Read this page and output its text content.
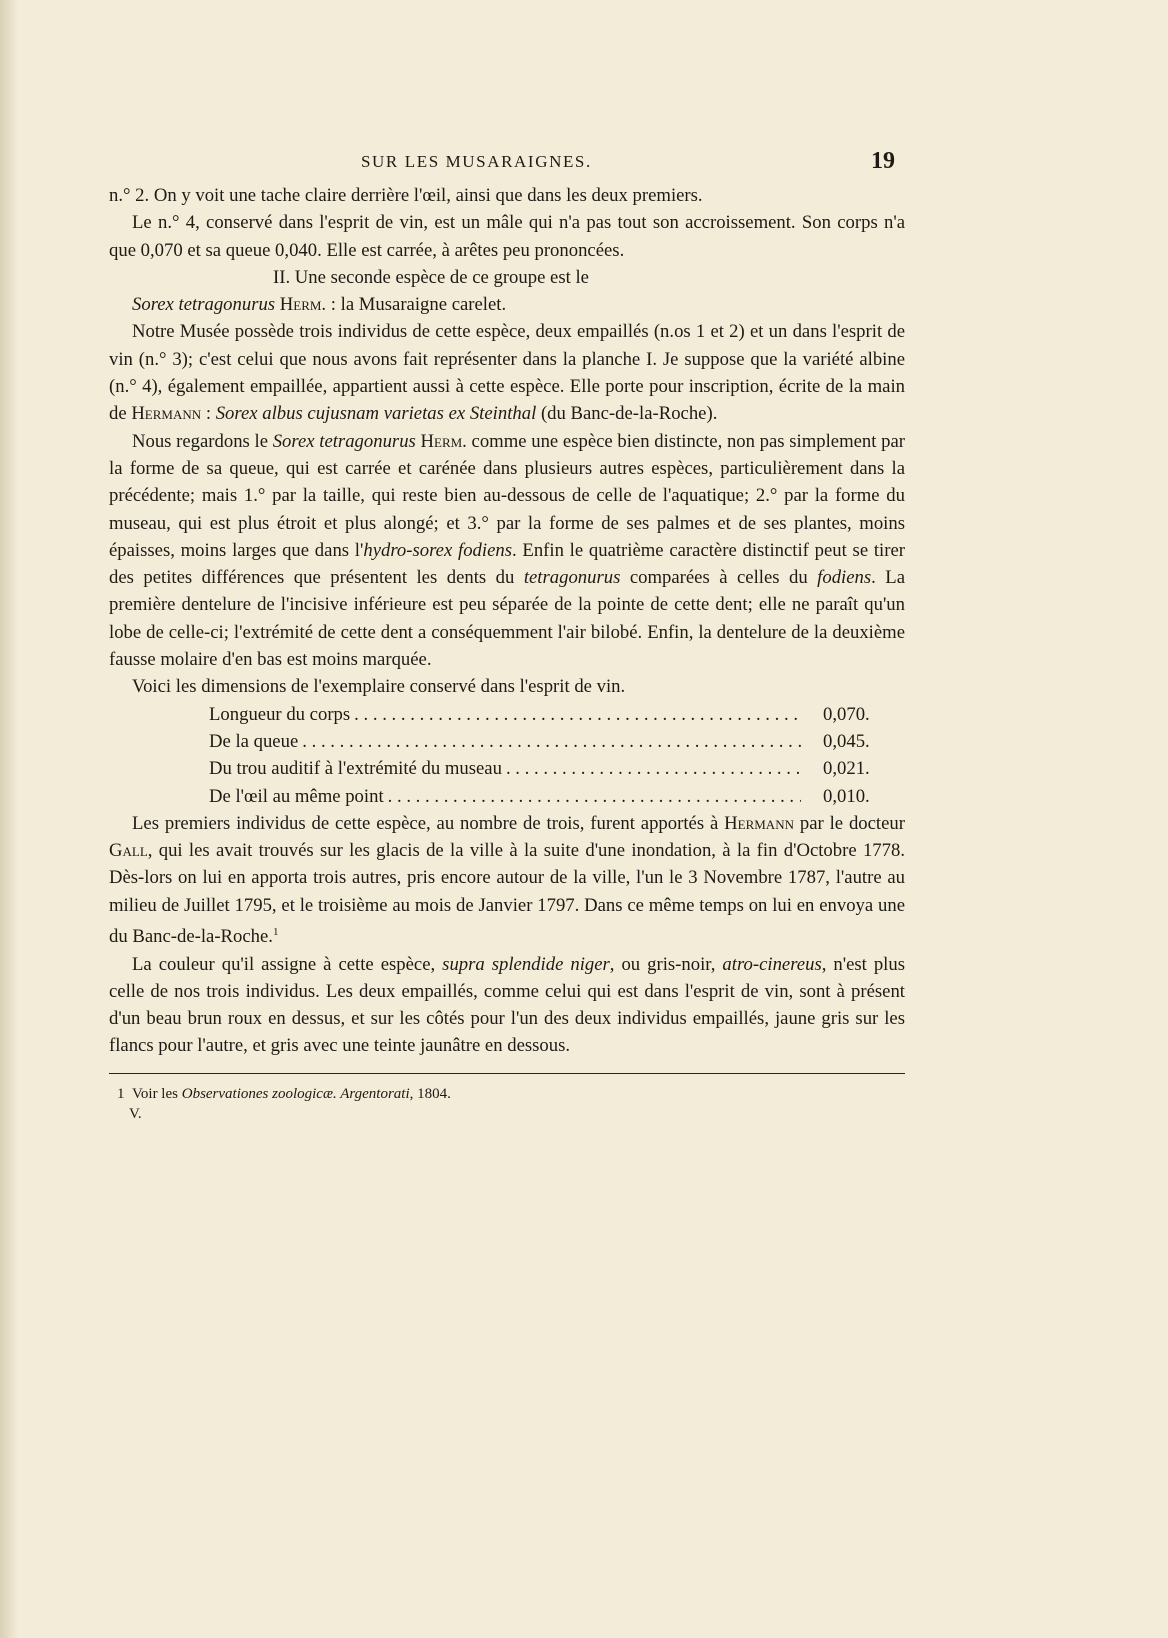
SUR LES MUSARAIGNES.	19

n.° 2. On y voit une tache claire derrière l'œil, ainsi que dans les deux premiers.

Le n.° 4, conservé dans l'esprit de vin, est un mâle qui n'a pas tout son accroissement. Son corps n'a que 0,070 et sa queue 0,040. Elle est carrée, à arêtes peu prononcées.

II. Une seconde espèce de ce groupe est le

Sorex tetragonurus Herm. : la Musaraigne carelet.

Notre Musée possède trois individus de cette espèce, deux empaillés (n.os 1 et 2) et un dans l'esprit de vin (n.° 3); c'est celui que nous avons fait représenter dans la planche I. Je suppose que la variété albine (n.° 4), également empaillée, appartient aussi à cette espèce. Elle porte pour inscription, écrite de la main de Hermann : Sorex albus cujusnam varietas ex Steinthal (du Banc-de-la-Roche).

Nous regardons le Sorex tetragonurus Herm. comme une espèce bien distincte, non pas simplement par la forme de sa queue, qui est carrée et carénée dans plusieurs autres espèces, particulièrement dans la précédente; mais 1.° par la taille, qui reste bien au-dessous de celle de l'aquatique; 2.° par la forme du museau, qui est plus étroit et plus alongé; et 3.° par la forme de ses palmes et de ses plantes, moins épaisses, moins larges que dans l'hydro-sorex fodiens. Enfin le quatrième caractère distinctif peut se tirer des petites différences que présentent les dents du tetragonurus comparées à celles du fodiens. La première dentelure de l'incisive inférieure est peu séparée de la pointe de cette dent; elle ne paraît qu'un lobe de celle-ci; l'extrémité de cette dent a conséquemment l'air bilobé. Enfin, la dentelure de la deuxième fausse molaire d'en bas est moins marquée.

Voici les dimensions de l'exemplaire conservé dans l'esprit de vin.

Longueur du corps . . .	0,070.
De la queue . . .	0,045.
Du trou auditif à l'extrémité du museau . . .	0,021.
De l'œil au même point . . .	0,010.

Les premiers individus de cette espèce, au nombre de trois, furent apportés à Hermann par le docteur Gall, qui les avait trouvés sur les glacis de la ville à la suite d'une inondation, à la fin d'Octobre 1778. Dès-lors on lui en apporta trois autres, pris encore autour de la ville, l'un le 3 Novembre 1787, l'autre au milieu de Juillet 1795, et le troisième au mois de Janvier 1797. Dans ce même temps on lui en envoya une du Banc-de-la-Roche.$^1$

La couleur qu'il assigne à cette espèce, supra splendide niger, ou gris-noir, atro-cinereus, n'est plus celle de nos trois individus. Les deux empaillés, comme celui qui est dans l'esprit de vin, sont à présent d'un beau brun roux en dessus, et sur les côtés pour l'un des deux individus empaillés, jaune gris sur les flancs pour l'autre, et gris avec une teinte jaunâtre en dessous.

1 Voir les Observationes zoologicæ. Argentorati, 1804.
V.
